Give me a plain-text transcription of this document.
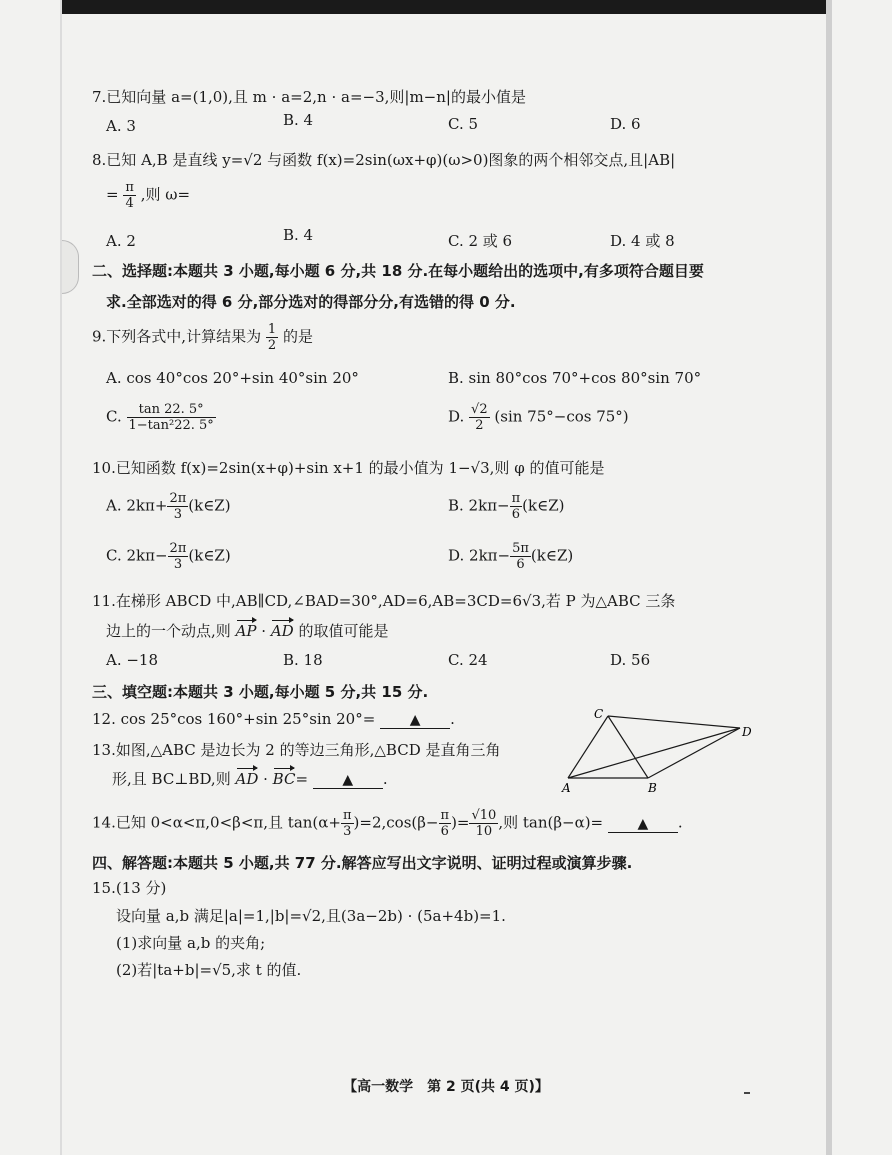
7.已知向量 a=(1,0),且 m · a=2,n · a=−3,则|m−n|的最小值是
A. 3	B. 4	C. 5	D. 6
8.已知 A,B 是直线 y=√2 与函数 f(x)=2sin(ωx+φ)(ω>0)图象的两个相邻交点,且|AB|
= $\frac{\pi}{4}$ ,则 ω=
A. 2	B. 4	C. 2 或 6	D. 4 或 8
二、选择题:本题共 3 小题,每小题 6 分,共 18 分.在每小题给出的选项中,有多项符合题目要
求.全部选对的得 6 分,部分选对的得部分分,有选错的得 0 分.
9.下列各式中,计算结果为 $\frac{1}{2}$ 的是
A. cos 40°cos 20°+sin 40°sin 20°	B. sin 80°cos 70°+cos 80°sin 70°
C. $\frac{\tan 22. 5^\circ}{\text{1−tan²22. 5°}}$	D. $\frac{√2}{2} (\sin$ 75°−cos 75°)
10.已知函数 f(x)=2sin(x+φ)+sin x+1 的最小值为 1−√3,则 φ 的值可能是
A. $2k\pi+ \frac{2\pi}{3}$ (k∈Z)	B. $2k\pi- \frac{\pi}{6}$ (k∈Z)
C. $2k\pi- \frac{2\pi}{3}$ (k∈Z)	D. $2k\pi- \frac{5\pi}{6}$ (k∈Z)
11.在梯形 ABCD 中,AB∥CD,∠BAD=30°,AD=6,AB=3CD=6√3,若 P 为△ABC 三条
边上的一个动点,则 AP · AD 的取值可能是
A. −18	B. 18	C. 24	D. 56
三、填空题:本题共 3 小题,每小题 5 分,共 15 分.
12. cos 25°cos 160°+sin 25°sin 20°= ▲ .
13.如图,△ABC 是边长为 2 的等边三角形,△BCD 是直角三角
形,且 BC⊥BD,则 AD · BC= ▲ .	A	B
C
D
14.已知 0<α<π,0<β<π,且 $\tan(\alpha+ \frac{\pi}{3} )=2,\cos(\beta- \frac{\pi}{6}$ )= $\frac{√10}{10}$ ,则 tan(β−α)= ▲ .
四、解答题:本题共 5 小题,共 77 分.解答应写出文字说明、证明过程或演算步骤.
15.(13 分)
设向量 a,b 满足|a|=1,|b|=√2,且(3a−2b) · (5a+4b)=1.
(1)求向量 a,b 的夹角;
(2)若|ta+b|=√5,求 t 的值.
【高一数学　第 2 页(共 4 页)】
